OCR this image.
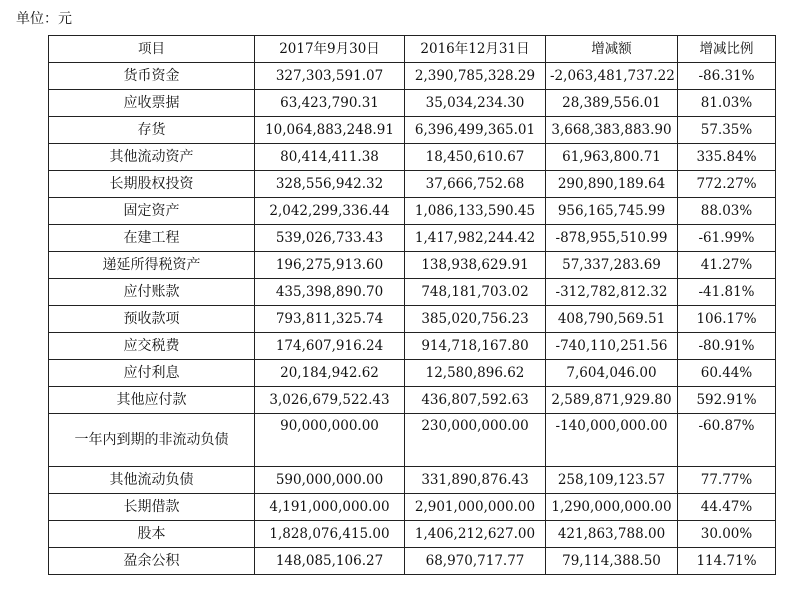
单位：元
项目	2017年9月30日	2016年12月31日	增减额	增减比例
货币资金	327,303,591.07	2,390,785,328.29	-2,063,481,737.22	-86.31%
应收票据	63,423,790.31	35,034,234.30	28,389,556.01	81.03%
存货	10,064,883,248.91	6,396,499,365.01	3,668,383,883.90	57.35%
其他流动资产	80,414,411.38	18,450,610.67	61,963,800.71	335.84%
长期股权投资	328,556,942.32	37,666,752.68	290,890,189.64	772.27%
固定资产	2,042,299,336.44	1,086,133,590.45	956,165,745.99	88.03%
在建工程	539,026,733.43	1,417,982,244.42	-878,955,510.99	-61.99%
递延所得税资产	196,275,913.60	138,938,629.91	57,337,283.69	41.27%
应付账款	435,398,890.70	748,181,703.02	-312,782,812.32	-41.81%
预收款项	793,811,325.74	385,020,756.23	408,790,569.51	106.17%
应交税费	174,607,916.24	914,718,167.80	-740,110,251.56	-80.91%
应付利息	20,184,942.62	12,580,896.62	7,604,046.00	60.44%
其他应付款	3,026,679,522.43	436,807,592.63	2,589,871,929.80	592.91%
一年内到期的非流动负债	90,000,000.00	230,000,000.00	-140,000,000.00	-60.87%
其他流动负债	590,000,000.00	331,890,876.43	258,109,123.57	77.77%
长期借款	4,191,000,000.00	2,901,000,000.00	1,290,000,000.00	44.47%
股本	1,828,076,415.00	1,406,212,627.00	421,863,788.00	30.00%
盈余公积	148,085,106.27	68,970,717.77	79,114,388.50	114.71%
